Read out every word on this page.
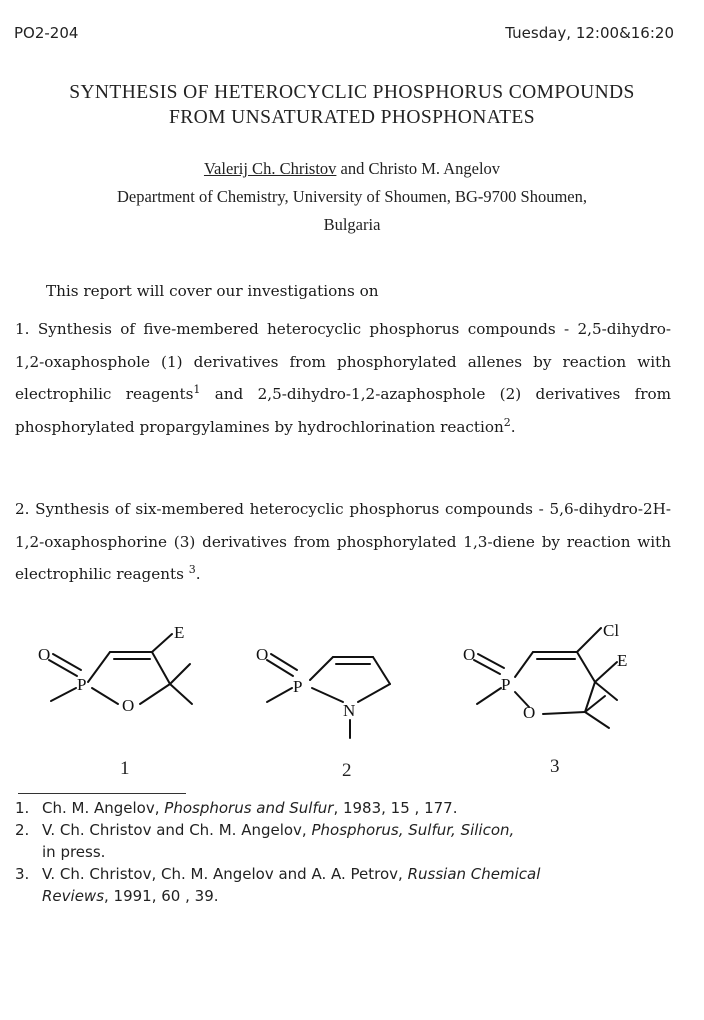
PO2-204	Tuesday, 12:00&16:20
SYNTHESIS OF HETEROCYCLIC PHOSPHORUS COMPOUNDS
FROM UNSATURATED PHOSPHONATES
Valerij Ch. Christov and Christo M. Angelov
Department of Chemistry, University of Shoumen, BG-9700 Shoumen,
Bulgaria
This report will cover our investigations on
1. Synthesis of five-membered heterocyclic phosphorus compounds - 2,5-dihydro-1,2-oxaphosphole (1) derivatives from phosphorylated allenes by reaction with electrophilic reagents$^1$ and 2,5-dihydro-1,2-azaphosphole (2) derivatives from phosphorylated propargylamines by hydrochlorination reaction$^2$.
2. Synthesis of six-membered heterocyclic phosphorus compounds - 5,6-dihydro-2H-1,2-oxaphosphorine (3) derivatives from phosphorylated 1,3-diene by reaction with electrophilic reagents $^3$.
O
P
O
E
O
P
N
O
P
O
E
Cl
1	2	3
1. Ch. M. Angelov, Phosphorus and Sulfur, 1983, 15 , 177.
2. V. Ch. Christov and Ch. M. Angelov, Phosphorus, Sulfur, Silicon,
in press.
3. V. Ch. Christov, Ch. M. Angelov and A. A. Petrov, Russian Chemical
Reviews, 1991, 60 , 39.
